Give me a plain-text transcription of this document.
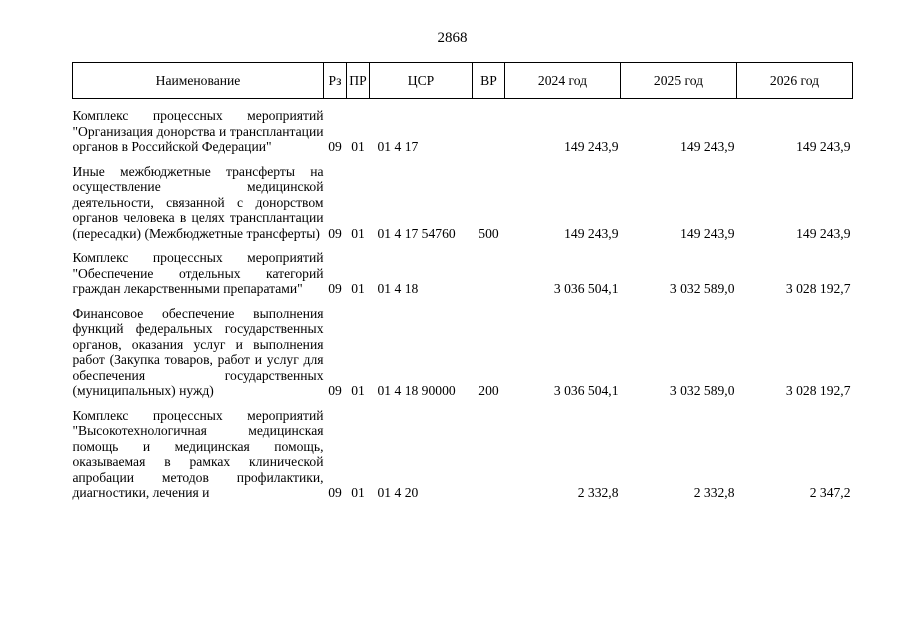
2868
Наименование	Рз	ПР	ЦСР	ВР	2024 год	2025 год	2026 год
Комплекс процессных мероприятий "Организация донорства и трансплантации органов в Российской Федерации"	09	01	01 4 17		149 243,9	149 243,9	149 243,9
Иные межбюджетные трансферты на осуществление медицинской деятельности, связанной с донорством органов человека в целях трансплантации (пересадки) (Межбюджетные трансферты)	09	01	01 4 17 54760	500	149 243,9	149 243,9	149 243,9
Комплекс процессных мероприятий "Обеспечение отдельных категорий граждан лекарственными препаратами"	09	01	01 4 18		3 036 504,1	3 032 589,0	3 028 192,7
Финансовое обеспечение выполнения функций федеральных государственных органов, оказания услуг и выполнения работ (Закупка товаров, работ и услуг для обеспечения государственных (муниципальных) нужд)	09	01	01 4 18 90000	200	3 036 504,1	3 032 589,0	3 028 192,7
Комплекс процессных мероприятий "Высокотехнологичная медицинская помощь и медицинская помощь, оказываемая в рамках клинической апробации методов профилактики, диагностики, лечения и	09	01	01 4 20		2 332,8	2 332,8	2 347,2
